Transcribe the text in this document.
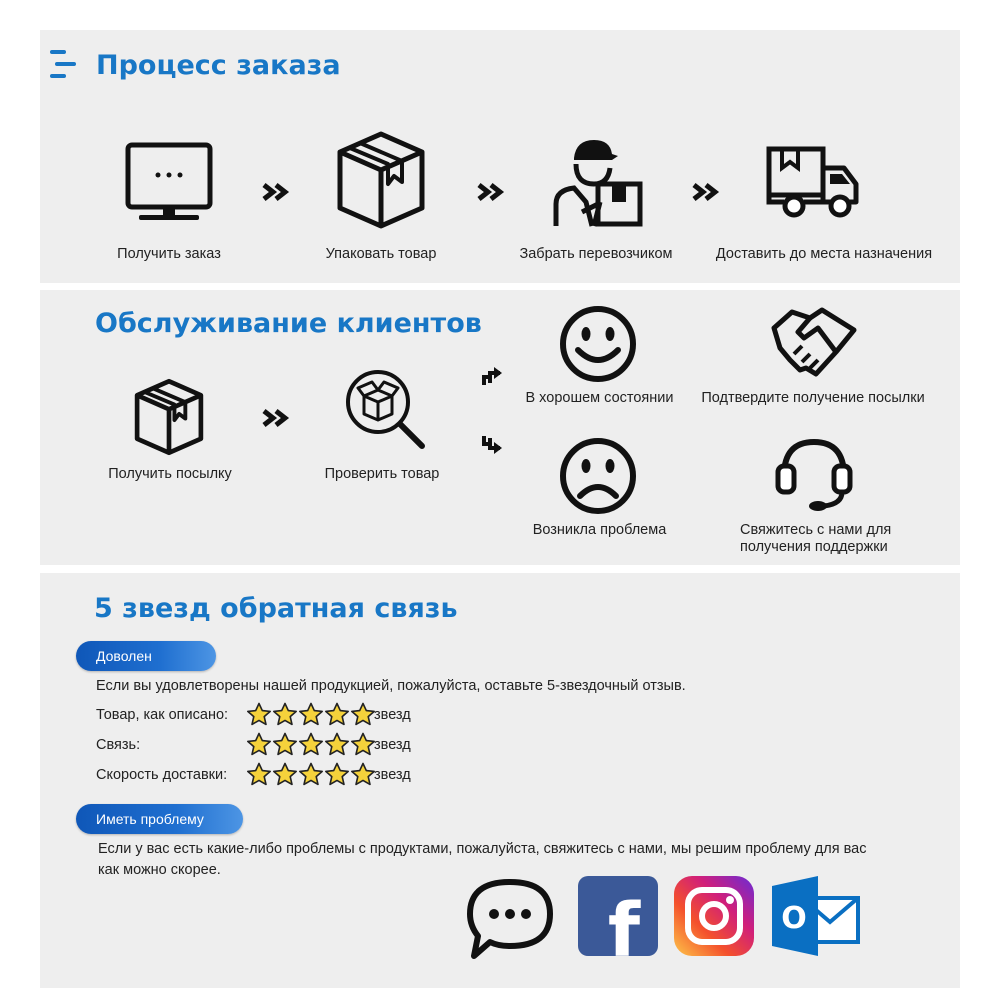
Процесс заказа
Получить заказ	Упаковать товар	Забрать перевозчиком	Доставить до места назначения
Обслуживание клиентов
Получить посылку	Проверить товар
В хорошем состоянии	Подтвердите получение посылки
Возникла проблема	Свяжитесь с нами для
получения поддержки
5 звезд обратная связь
Доволен
Если вы удовлетворены нашей продукцией, пожалуйста, оставьте 5-звездочный отзыв.
Товар, как описано:	звезд
Связь:	звезд
Скорость доставки:	звезд
Иметь проблему
Если у вас есть какие-либо проблемы с продуктами, пожалуйста, свяжитесь с нами, мы решим проблему для вас
как можно скорее.
f	O
